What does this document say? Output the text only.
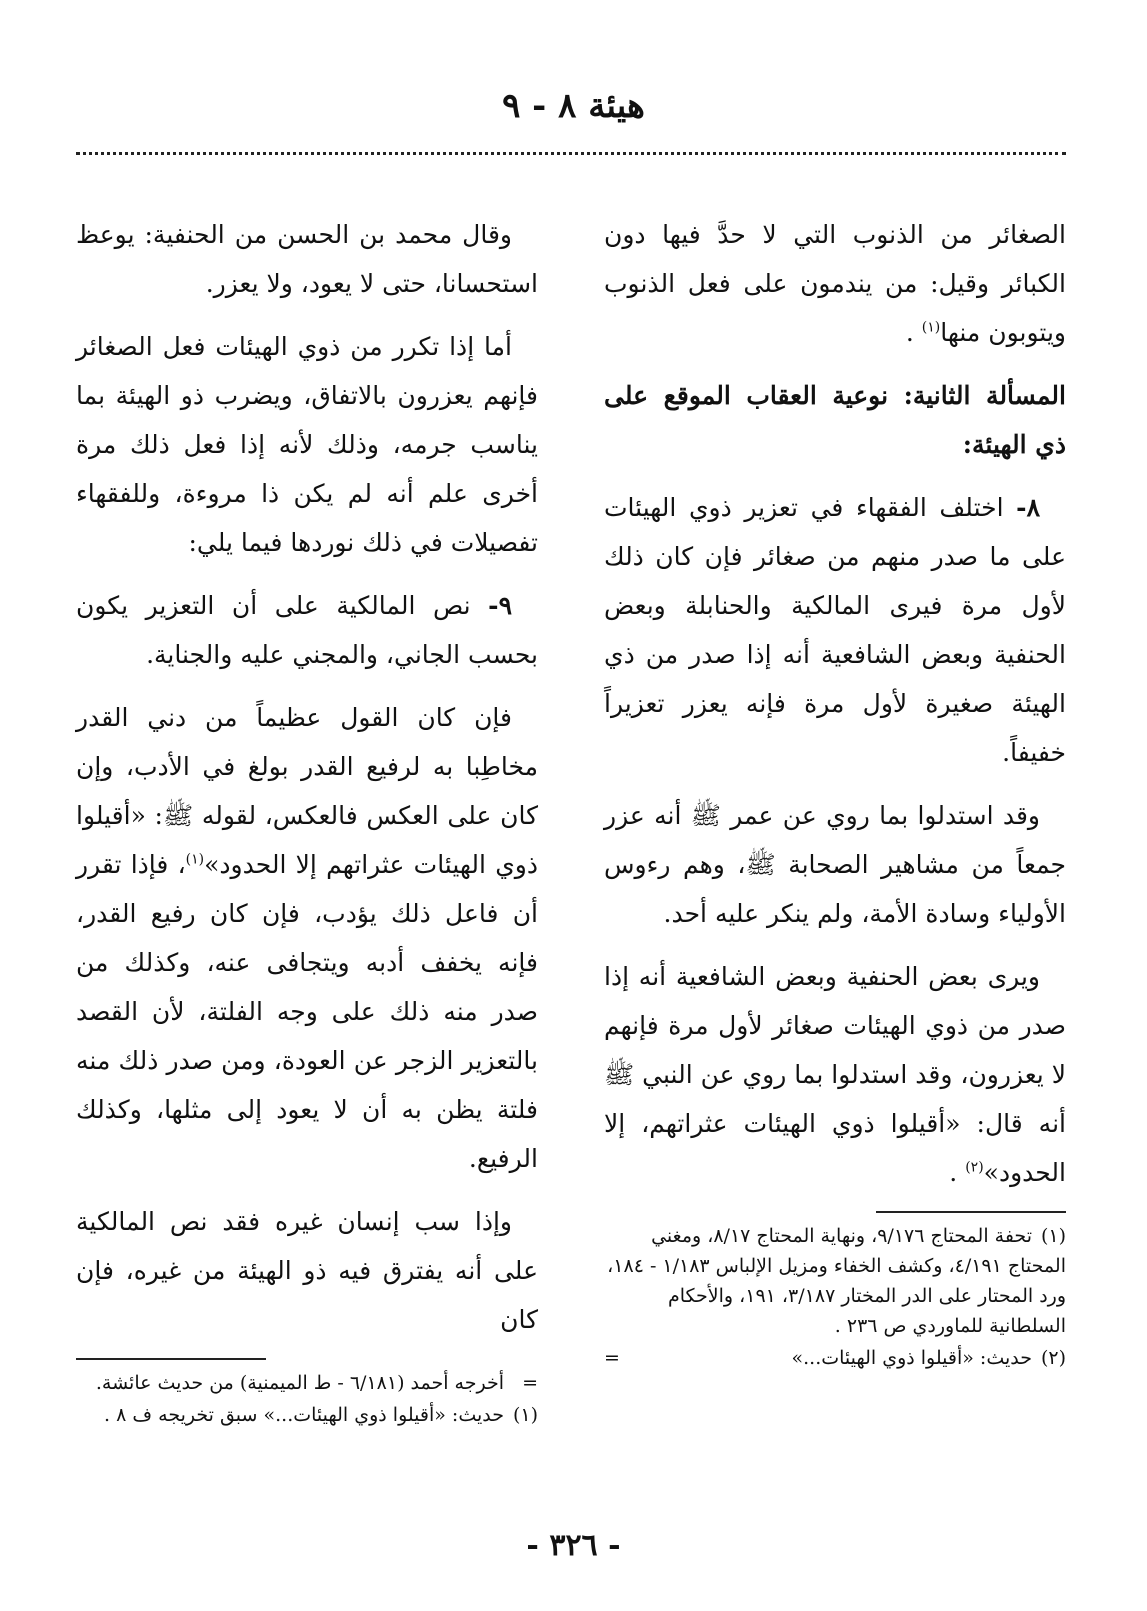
هيئة ٨ - ٩

الصغائر من الذنوب التي لا حدَّ فيها دون الكبائر وقيل: من يندمون على فعل الذنوب ويتوبون منها$^{(١)}$ .

المسألة الثانية: نوعية العقاب الموقع على ذي الهيئة:

٨- اختلف الفقهاء في تعزير ذوي الهيئات على ما صدر منهم من صغائر فإن كان ذلك لأول مرة فيرى المالكية والحنابلة وبعض الحنفية وبعض الشافعية أنه إذا صدر من ذي الهيئة صغيرة لأول مرة فإنه يعزر تعزيراً خفيفاً.

وقد استدلوا بما روي عن عمر ﷺ أنه عزر جمعاً من مشاهير الصحابة ﷺ، وهم رءوس الأولياء وسادة الأمة، ولم ينكر عليه أحد.

ويرى بعض الحنفية وبعض الشافعية أنه إذا صدر من ذوي الهيئات صغائر لأول مرة فإنهم لا يعزرون، وقد استدلوا بما روي عن النبي ﷺ أنه قال: «أقيلوا ذوي الهيئات عثراتهم، إلا الحدود»$^{(٢)}$ .

(١)تحفة المحتاج ٩/١٧٦، ونهاية المحتاج ٨/١٧، ومغني المحتاج ٤/١٩١، وكشف الخفاء ومزيل الإلباس ١/١٨٣ - ١٨٤، ورد المحتار على الدر المختار ٣/١٨٧، ١٩١، والأحكام السلطانية للماوردي ص ٢٣٦ .

(٢)حديث: «أقيلوا ذوي الهيئات...»
=

وقال محمد بن الحسن من الحنفية: يوعظ استحسانا، حتى لا يعود، ولا يعزر.

أما إذا تكرر من ذوي الهيئات فعل الصغائر فإنهم يعزرون بالاتفاق، ويضرب ذو الهيئة بما يناسب جرمه، وذلك لأنه إذا فعل ذلك مرة أخرى علم أنه لم يكن ذا مروءة، وللفقهاء تفصيلات في ذلك نوردها فيما يلي:

٩- نص المالكية على أن التعزير يكون بحسب الجاني، والمجني عليه والجناية.

فإن كان القول عظيماً من دني القدر مخاطِبا به لرفيع القدر بولغ في الأدب، وإن كان على العكس فالعكس، لقوله ﷺ: «أقيلوا ذوي الهيئات عثراتهم إلا الحدود»$^{(١)}$، فإذا تقرر أن فاعل ذلك يؤدب، فإن كان رفيع القدر، فإنه يخفف أدبه ويتجافى عنه، وكذلك من صدر منه ذلك على وجه الفلتة، لأن القصد بالتعزير الزجر عن العودة، ومن صدر ذلك منه فلتة يظن به أن لا يعود إلى مثلها، وكذلك الرفيع.

وإذا سب إنسان غيره فقد نص المالكية على أنه يفترق فيه ذو الهيئة من غيره، فإن كان

=أخرجه أحمد (٦/١٨١ - ط الميمنية) من حديث عائشة.

(١)حديث: «أقيلوا ذوي الهيئات...» سبق تخريجه ف ٨ .

- ٣٢٦ -
